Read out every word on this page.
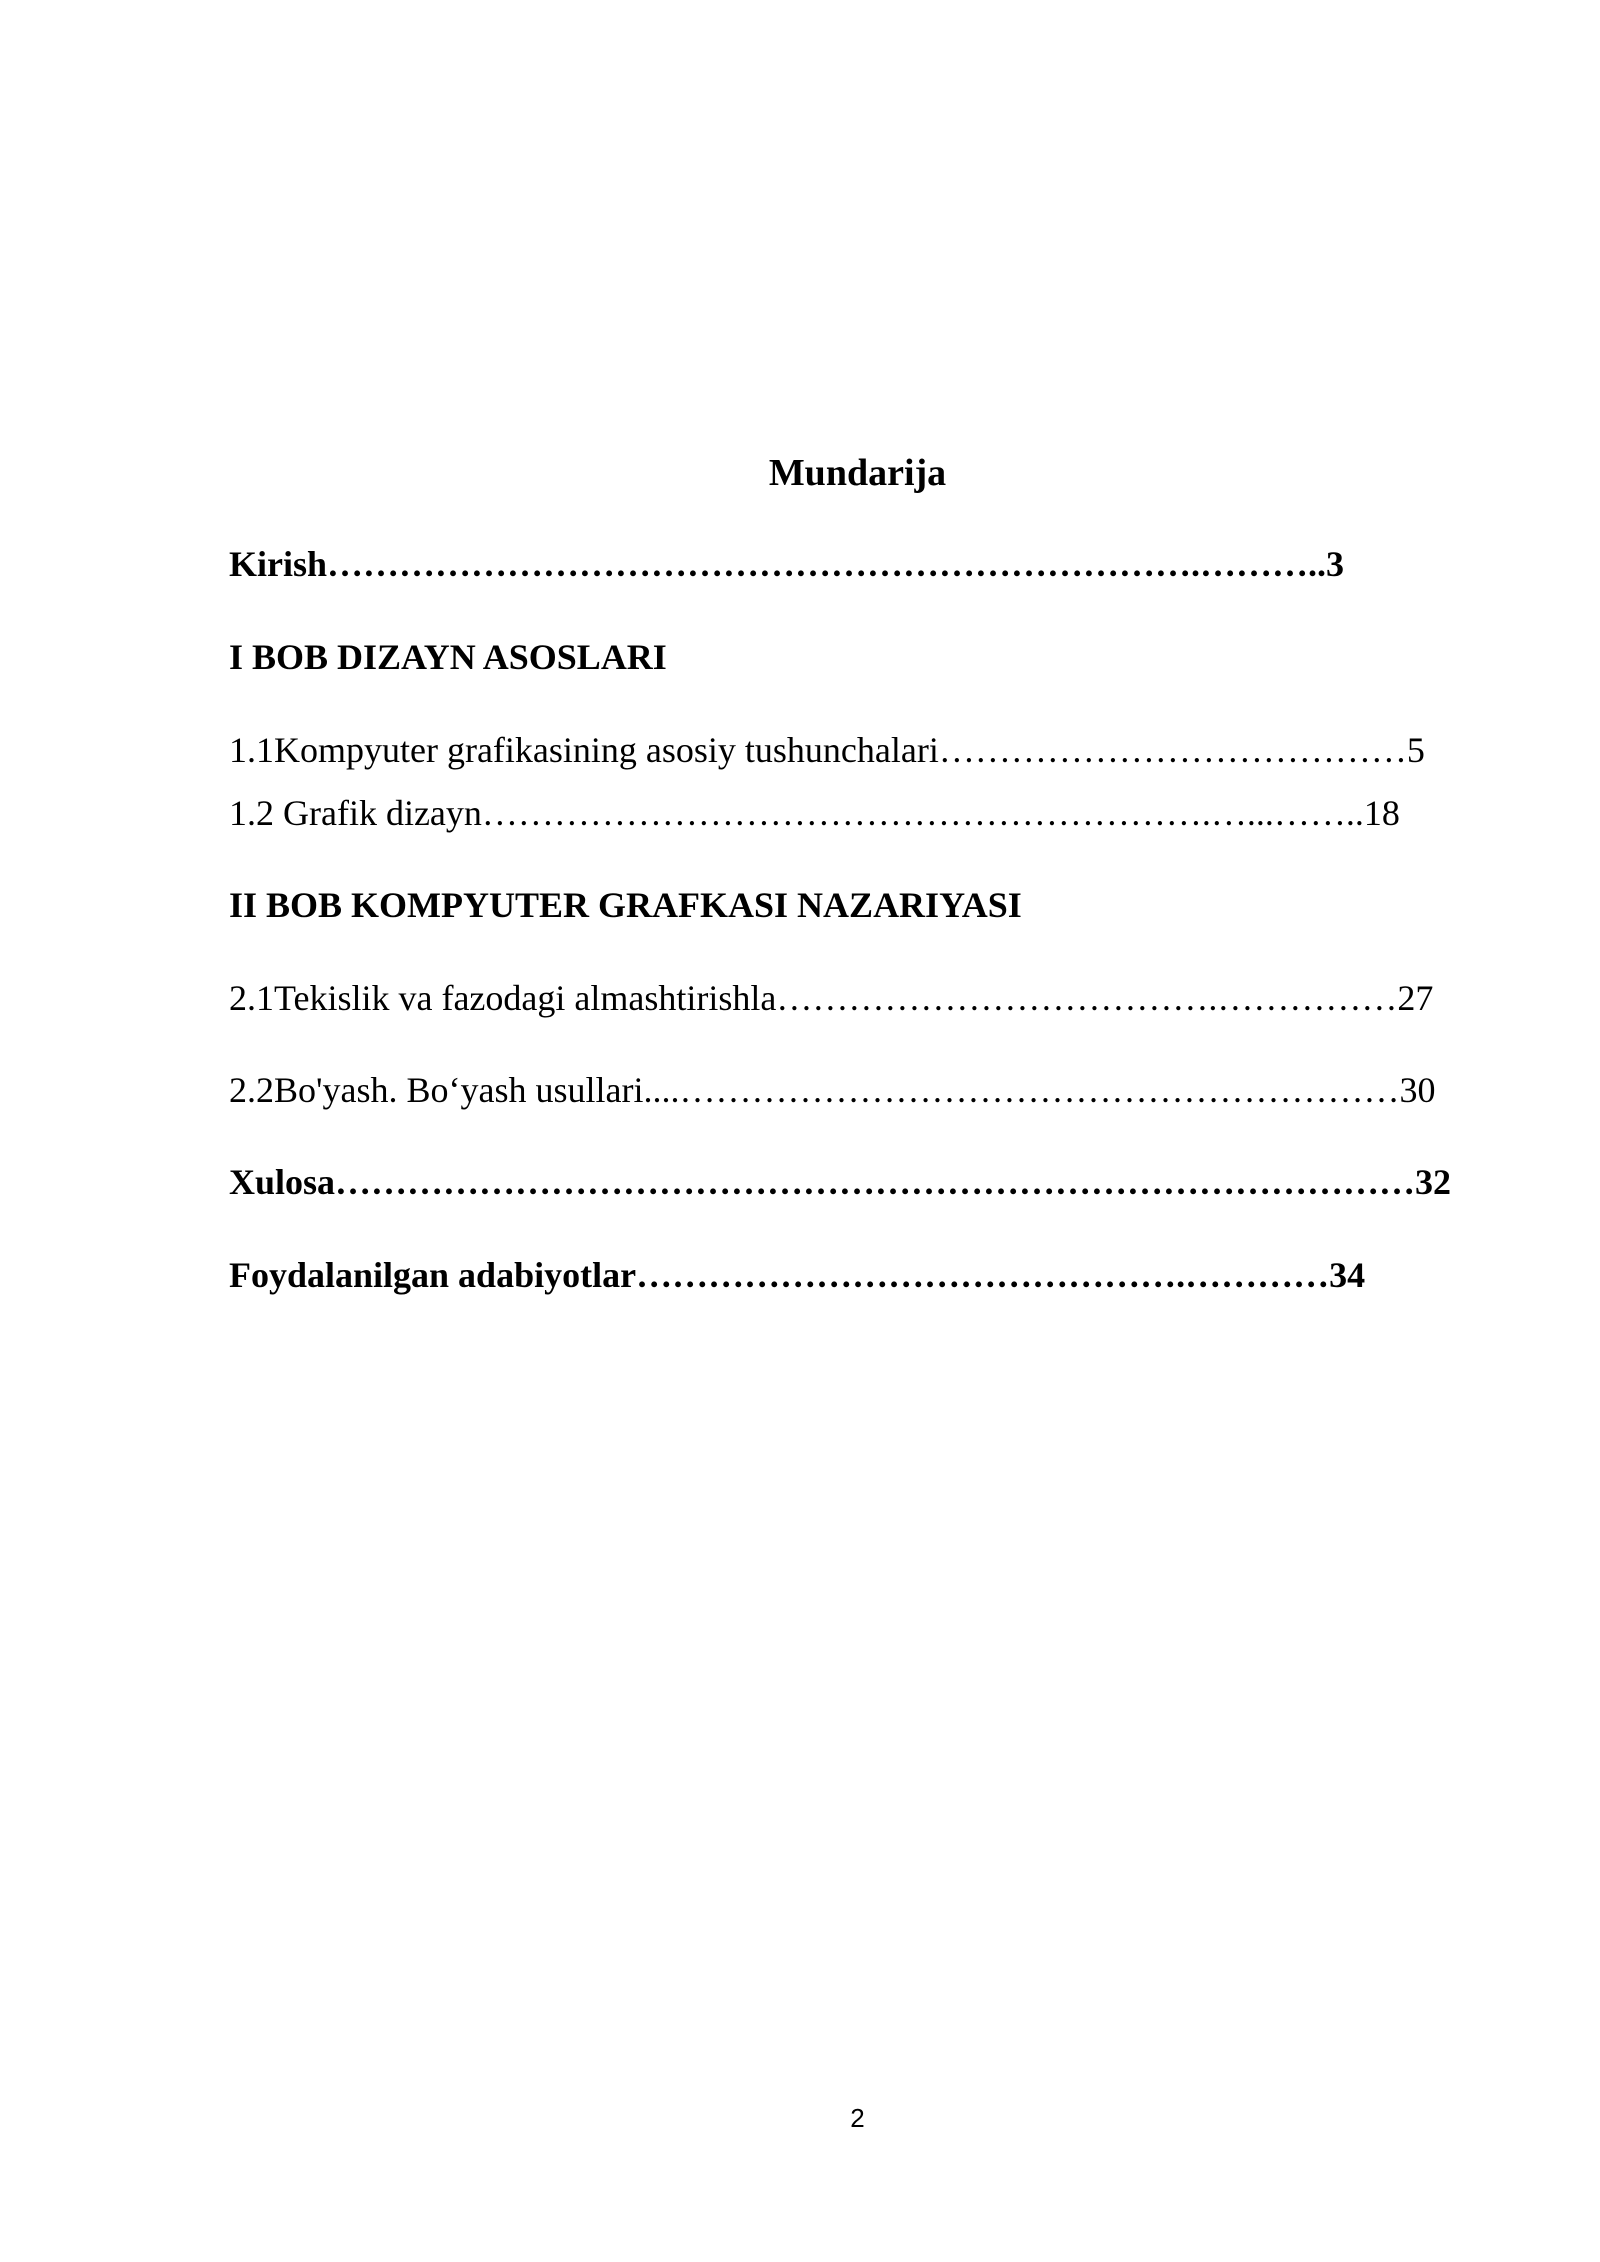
Mundarija
Kirish……………………………………………………………….………..3
I BOB DIZAYN ASOSLARI
1.1Kompyuter grafikasining asosiy tushunchalari…………………………………5
1.2 Grafik dizayn…………………………………………………….…...……..18
II BOB KOMPYUTER GRAFKASI NAZARIYASI
2.1Tekislik va fazodagi almashtirishla……………………………….……………27
2.2Bo'yash. Bo‘yash usullari....……………………………………………………30
Xulosa………………………………………………………………………………32
Foydalanilgan adabiyotlar……………………………………….…………34
2
